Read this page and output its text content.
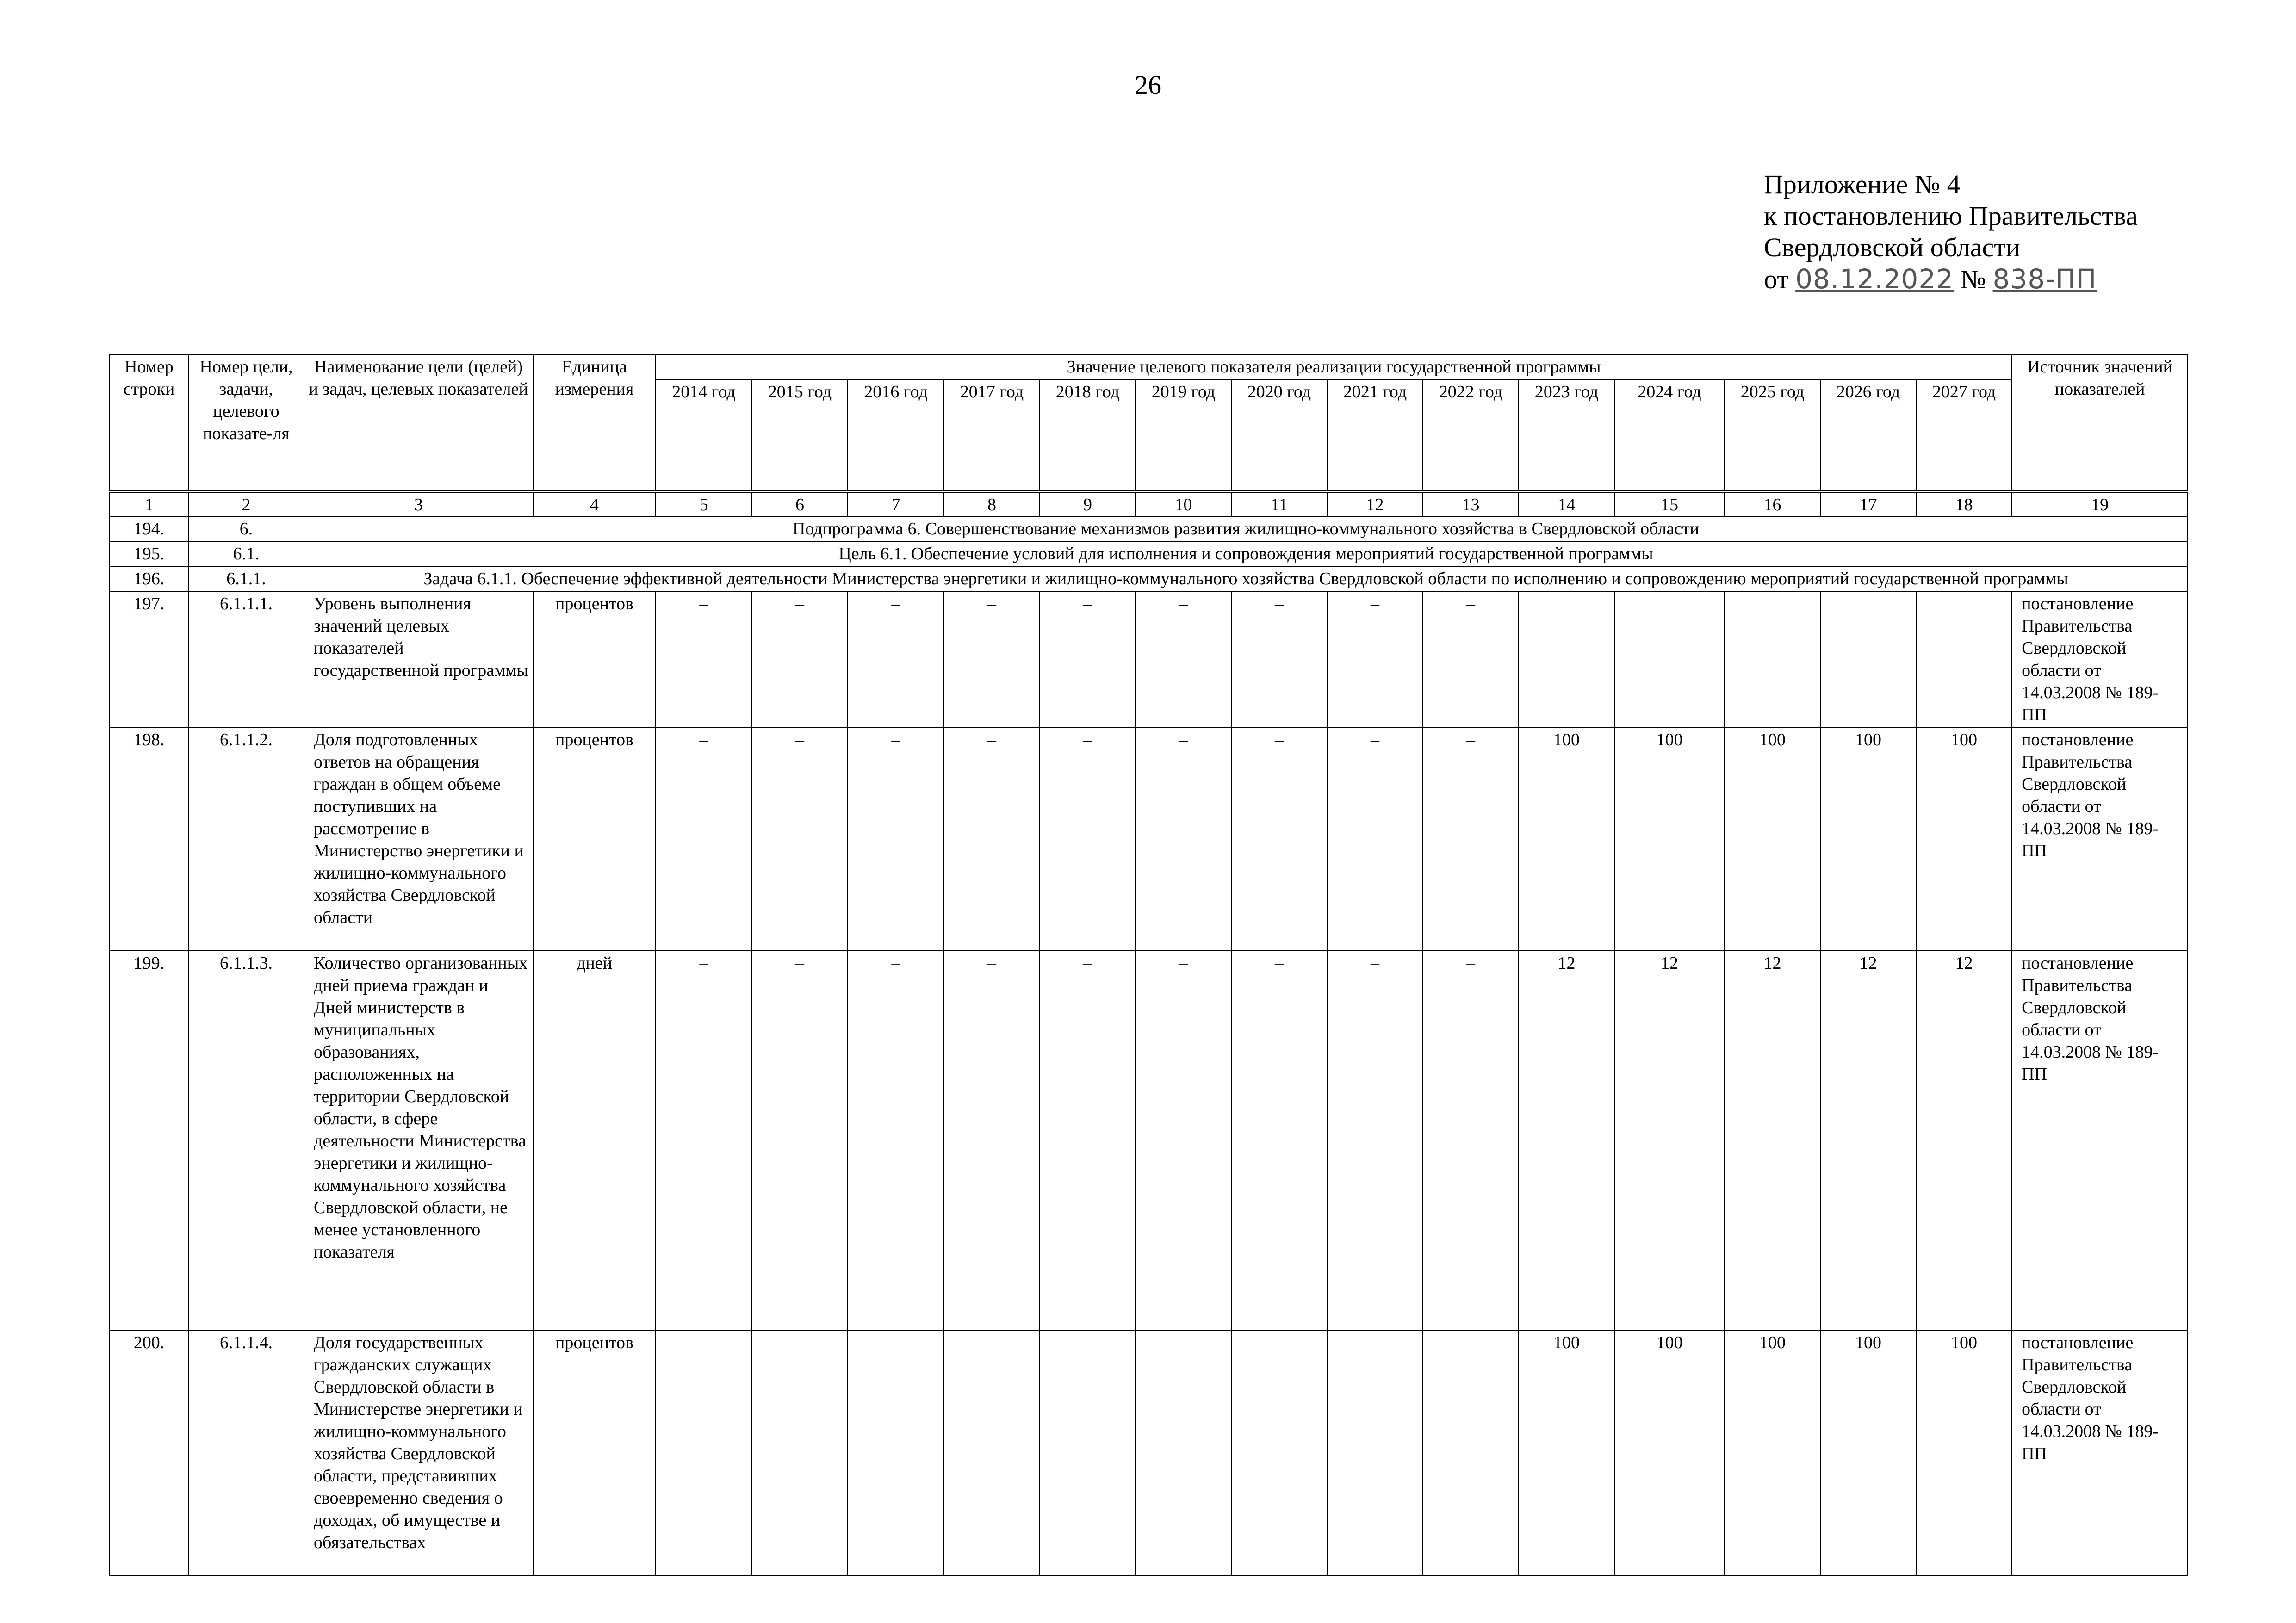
26
Приложение № 4
к постановлению Правительства
Свердловской области
от 08.12.2022 № 838-ПП
Номер строки	Номер цели, задачи, целевого показате-ля	Наименование цели (целей) и задач, целевых показателей	Единица измерения	Значение целевого показателя реализации государственной программы														Источник значений показателей
				2014 год	2015 год	2016 год	2017 год	2018 год	2019 год	2020 год	2021 год	2022 год	2023 год	2024 год	2025 год	2026 год	2027 год	
1	2	3	4	5	6	7	8	9	10	11	12	13	14	15	16	17	18	19
194.	6.	Подпрограмма 6. Совершенствование механизмов развития жилищно-коммунального хозяйства в Свердловской области																
195.	6.1.	Цель 6.1. Обеспечение условий для исполнения и сопровождения мероприятий государственной программы																
196.	6.1.1.	Задача 6.1.1. Обеспечение эффективной деятельности Министерства энергетики и жилищно-коммунального хозяйства Свердловской области по исполнению и сопровождению мероприятий государственной программы																
197.	6.1.1.1.	Уровень выполнения значений целевых показателей государственной программы	процентов	–	–	–	–	–	–	–	–	–						постановление Правительства Свердловской области от 14.03.2008 № 189-ПП
198.	6.1.1.2.	Доля подготовленных ответов на обращения граждан в общем объеме поступивших на рассмотрение в Министерство энергетики и жилищно-коммунального хозяйства Свердловской области	процентов	–	–	–	–	–	–	–	–	–	100	100	100	100	100	постановление Правительства Свердловской области от 14.03.2008 № 189-ПП
199.	6.1.1.3.	Количество организованных дней приема граждан и Дней министерств в муниципальных образованиях, расположенных на территории Свердловской области, в сфере деятельности Министерства энергетики и жилищно-коммунального хозяйства Свердловской области, не менее установленного показателя	дней	–	–	–	–	–	–	–	–	–	12	12	12	12	12	постановление Правительства Свердловской области от 14.03.2008 № 189-ПП
200.	6.1.1.4.	Доля государственных гражданских служащих Свердловской области в Министерстве энергетики и жилищно-коммунального хозяйства Свердловской области, представивших своевременно сведения о доходах, об имуществе и обязательствах	процентов	–	–	–	–	–	–	–	–	–	100	100	100	100	100	постановление Правительства Свердловской области от 14.03.2008 № 189-ПП
